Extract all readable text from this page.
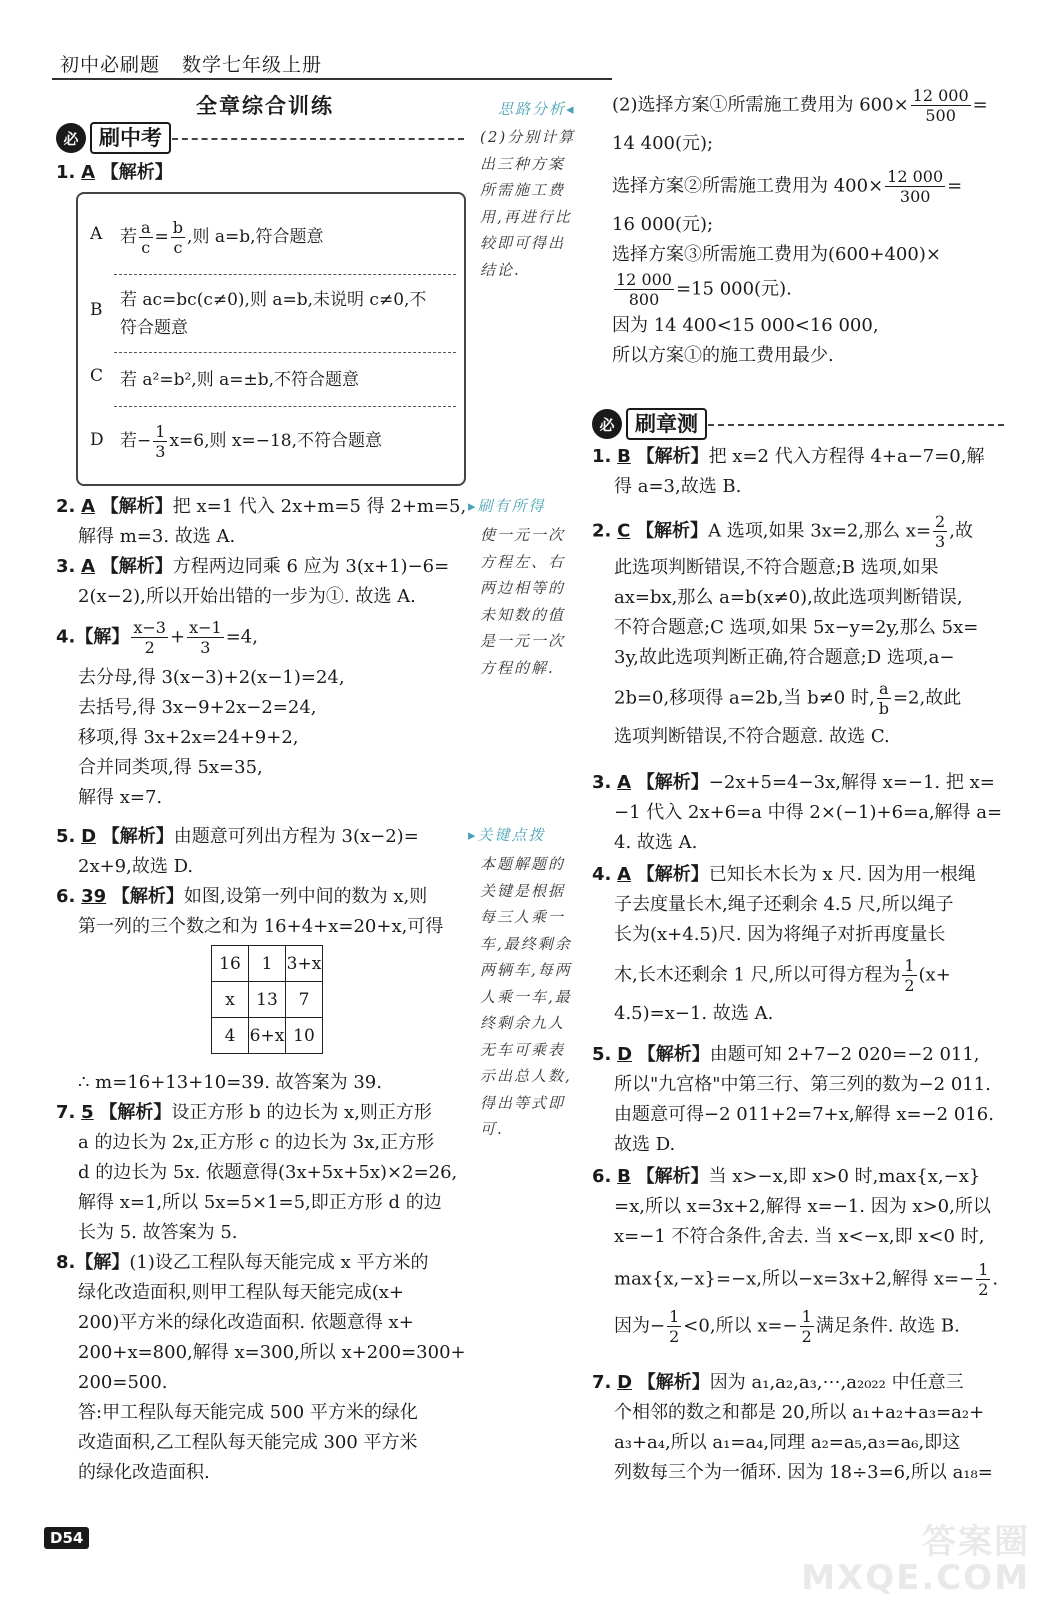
初中必刷题 数学七年级上册
全章综合训练
必 刷中考
1. A 【解析】
A 若 $\frac{a}{c} = \frac{b}{c}$ ,则 a=b,符合题意
B 若 ac=bc(c≠0),则 a=b,未说明 c≠0,不
符合题意
C 若 a²=b²,则 a=±b,不符合题意
D 若− $\frac{1}{3} x=6$,则 x=−18,不符合题意
2. A 【解析】把 x=1 代入 2x+m=5 得 2+m=5,
解得 m=3. 故选 A.
3. A 【解析】方程两边同乘 6 应为 3(x+1)−6=
2(x−2),所以开始出错的一步为①. 故选 A.
4.【解】 $\frac{x-3}{2} + \frac{x-1}{3} =4$,
去分母,得 3(x−3)+2(x−1)=24,
去括号,得 3x−9+2x−2=24,
移项,得 3x+2x=24+9+2,
合并同类项,得 5x=35,
解得 x=7.
5. D 【解析】由题意可列出方程为 3(x−2)=
2x+9,故选 D.
6. 39 【解析】如图,设第一列中间的数为 x,则
第一列的三个数之和为 16+4+x=20+x,可得
16	1	3+x
x	13	7
4	6+x	10
∴ m=16+13+10=39. 故答案为 39.
7. 5 【解析】设正方形 b 的边长为 x,则正方形
a 的边长为 2x,正方形 c 的边长为 3x,正方形
d 的边长为 5x. 依题意得(3x+5x+5x)×2=26,
解得 x=1,所以 5x=5×1=5,即正方形 d 的边
长为 5. 故答案为 5.
8.【解】(1)设乙工程队每天能完成 x 平方米的
绿化改造面积,则甲工程队每天能完成(x+
200)平方米的绿化改造面积. 依题意得 x+
200+x=800,解得 x=300,所以 x+200=300+
200=500.
答:甲工程队每天能完成 500 平方米的绿化
改造面积,乙工程队每天能完成 300 平方米
的绿化改造面积.
思路分析◂
(2)分别计算出三种方案所需施工费用,再进行比较即可得出结论.
▸刷有所得
使一元一次方程左、右两边相等的未知数的值是一元一次方程的解.
▸关键点拨
本题解题的关键是根据每三人乘一车,最终剩余两辆车,每两人乘一车,最终剩余九人无车可乘表示出总人数,得出等式即可.
(2)选择方案①所需施工费用为 $600\times \frac{12 000}{500}$ =
14 400(元);
选择方案②所需施工费用为 $400\times \frac{12 000}{300}$ =
16 000(元);
选择方案③所需施工费用为(600+400)×
$\frac{12 000}{800} =15$ 000(元).
因为 14 400<15 000<16 000,
所以方案①的施工费用最少.
必 刷章测
1. B 【解析】把 x=2 代入方程得 4+a−7=0,解
得 a=3,故选 B.
2. C 【解析】A 选项,如果 3x=2,那么 $x= \frac{2}{3}$ ,故
此选项判断错误,不符合题意;B 选项,如果
ax=bx,那么 a=b(x≠0),故此选项判断错误,
不符合题意;C 选项,如果 5x−y=2y,那么 5x=
3y,故此选项判断正确,符合题意;D 选项,a−
2b=0,移项得 a=2b,当 b≠0 时, $\frac{a}{b} =2$,故此
选项判断错误,不符合题意. 故选 C.
3. A 【解析】−2x+5=4−3x,解得 x=−1. 把 x=
−1 代入 2x+6=a 中得 2×(−1)+6=a,解得 a=
4. 故选 A.
4. A 【解析】已知长木长为 x 尺. 因为用一根绳
子去度量长木,绳子还剩余 4.5 尺,所以绳子
长为(x+4.5)尺. 因为将绳子对折再度量长
木,长木还剩余 1 尺,所以可得方程为 $\frac{1}{2} (x+$
4.5)=x−1. 故选 A.
5. D 【解析】由题可知 2+7−2 020=−2 011,
所以"九宫格"中第三行、第三列的数为−2 011.
由题意可得−2 011+2=7+x,解得 x=−2 016.
故选 D.
6. B 【解析】当 x>−x,即 x>0 时,max{x,−x}
=x,所以 x=3x+2,解得 x=−1. 因为 x>0,所以
x=−1 不符合条件,舍去. 当 x<−x,即 x<0 时,
max{x,−x}=−x,所以−x=3x+2,解得 $x=- \frac{1}{2}$ .
因为− $\frac{1}{2} <0$,所以 $x=- \frac{1}{2}$ 满足条件. 故选 B.
7. D 【解析】因为 a₁,a₂,a₃,⋯,a₂₀₂₂ 中任意三
个相邻的数之和都是 20,所以 a₁+a₂+a₃=a₂+
a₃+a₄,所以 a₁=a₄,同理 a₂=a₅,a₃=a₆,即这
列数每三个为一循环. 因为 18÷3=6,所以 a₁₈=
D54	答案圈
MXQE.COM
